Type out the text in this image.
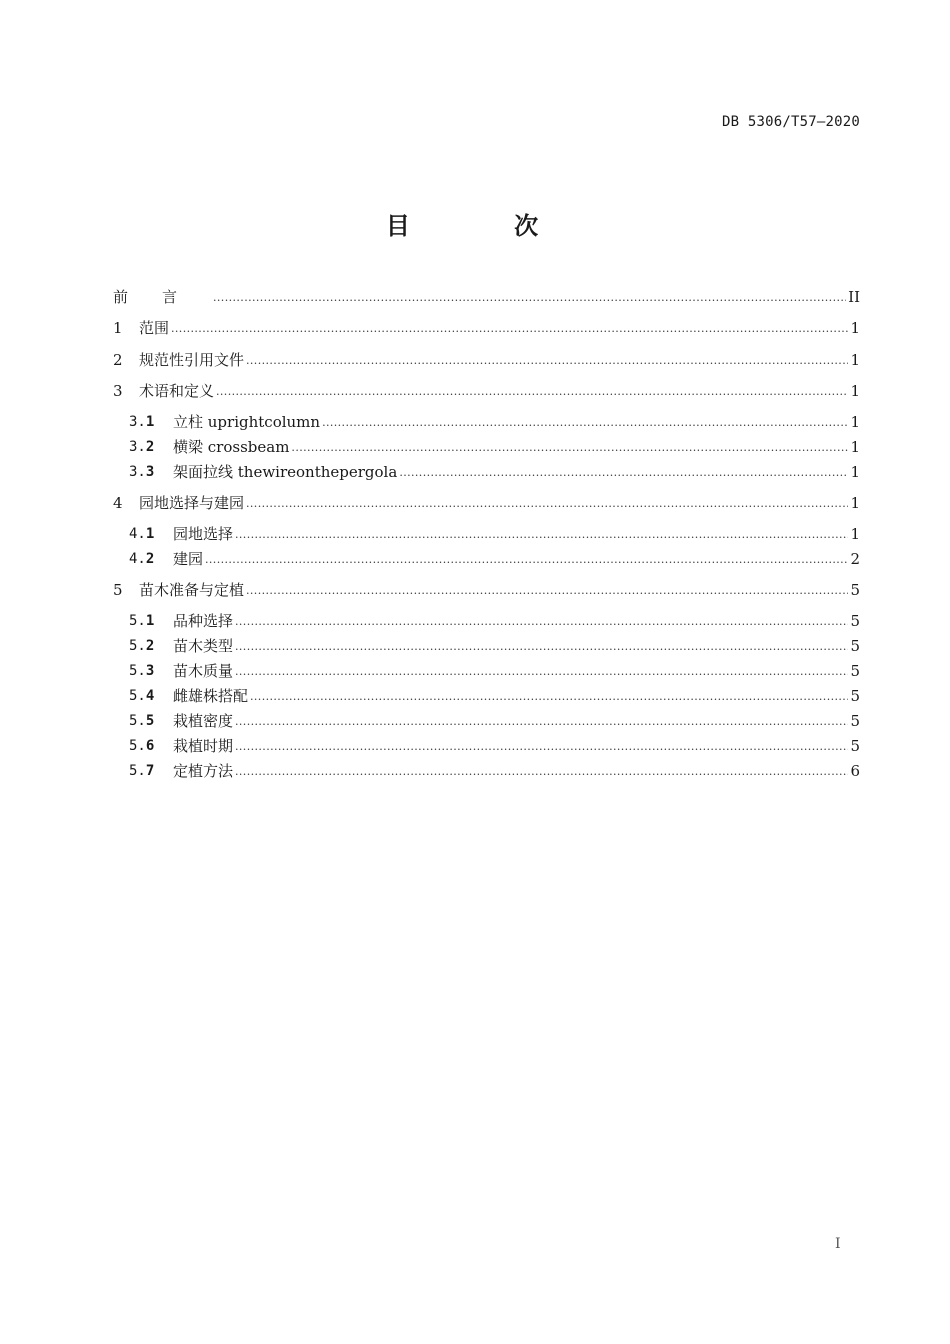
DB 5306/T57—2020
目 次
前言 .....	II
1	范围 .....	1
2	规范性引用文件 .....	1
3	术语和定义 .....	1
3.1	立柱 uprightcolumn .....	1
3.2	横梁 crossbeam .....	1
3.3	架面拉线 thewireonthepergola .....	1
4	园地选择与建园 .....	1
4.1	园地选择 .....	1
4.2	建园 .....	2
5	苗木准备与定植 .....	5
5.1	品种选择 .....	5
5.2	苗木类型 .....	5
5.3	苗木质量 .....	5
5.4	雌雄株搭配 .....	5
5.5	栽植密度 .....	5
5.6	栽植时期 .....	5
5.7	定植方法 .....	6
I
